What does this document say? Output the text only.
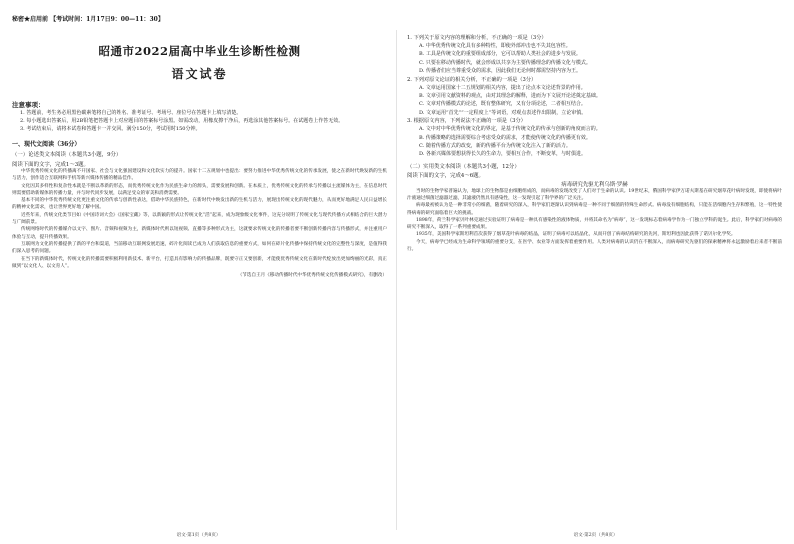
秘密★启用前 【考试时间：1月17日9：00—11：30】
昭通市2022届高中毕业生诊断性检测
语文试卷
注意事项：

1. 答题前，考生务必用黑色碳素笔将自己的姓名、准考证号、考场号、座位号在答题卡上填写清楚。

2. 每小题选出答案后，用2B铅笔把答题卡上对应题目的答案标号涂黑。如需改动，用橡皮擦干净后，再选涂其他答案标号。在试题卷上作答无效。

3. 考试结束后，请将本试卷和答题卡一并交回。满分150分，考试用时150分钟。

一、现代文阅读（36分）
（一）论述类文本阅读（本题共3小题，9分）
阅读下面的文字，完成1～3题。

中华优秀传统文化的传播离不开国家、社会与文化强国建设和文化软实力的提升。国家十二五规划中也提出：要努力推进中华优秀传统文化的传承发展，使之在新时代焕发新的生机与活力，创作适合互联网和手机等新兴媒体传播的精品佳作。

文化因其多样性和复杂性本就是不断以革新的形态，而优秀传统文化作为民族生命力的源头，需要发展和创新。在本质上，优秀传统文化的传承与传播以主流媒体为主，在信息时代则需要借助新媒体的传播力量，并与时代同步发展，以满足受众的审美和消费需要。

基本不同的中华优秀传统文化更注重文化的传承与创新性表达，借助中华民族特色，在新时代中焕发出新的生机与活力，展现出传统文化的现代魅力，从而更好地满足人民日益增长的精神文化需求，也让世界更好地了解中国。

近些年来，传统文化类节目如《中国诗词大会》《国家宝藏》等，以新颖的形式让传统文化“活”起来，成为现象级文化事件，这充分说明了传统文化与现代传播方式相结合的巨大潜力与广阔前景。

传统网络时代的传播媒介以文字、图片、音频和视频为主，新媒体时代则以短视频、直播等多种形式为主，这就要求传统文化的传播者要不断创新传播内容与传播形式，并注重用户体验与互动，提升传播效果。

互联网为文化的传播提供了新的平台和渠道，当前移动互联网发展迅速，碎片化阅读已成为人们获取信息的重要方式，如何在碎片化传播中保持传统文化的完整性与深度，是值得我们深入思考的问题。

在当下的新媒体时代，传统文化的传播需要积极利用新技术、新平台，打造具有影响力的传播品牌，既要守正又要创新，才能使优秀传统文化在新时代绽放出更加绚丽的光彩，真正做到“以文化人、以文育人”。

（节选自王月《移动传播时代中华优秀传统文化传播模式研究》，有删改）
语文·第1页（共8页）

1. 下列关于原文内容的理解和分析，不正确的一项是（3分）

A. 中华优秀传统文化具有多种特性，即使外部冲击也不失其包容性。

B. 工具是传统文化的重要组成部分，它可以帮助人类社会的进步与发展。

C. 只要在移动传播时代，就会形成以共享为主要传播理念的传播文化与模式。

D. 传播者们应当尊重受众的需求，因此我们无论何时都需坚持内容为王。

2. 下列对原文论证的相关分析，不正确的一项是（3分）

A. 文章运用国家十二五规划的相关内容，提出了论点本文论述背景的作用。

B. 文章引用文献资料的观点，由对其理念的解释，进而为下文展开论述奠定基础。

C. 文章对传播模式的论述，既有整体研究，又有分项论述，二者相互结合。

D. 文章运用“首先”“一定程度上”等词语，对观点表述作出限制，立论审慎。

3. 根据原文内容，下列说法不正确的一项是（3分）

A. 文中对中华优秀传统文化的界定，是基于传统文化的传承与创新的角度而言的。

B. 传播策略的选择需要综合考虑受众的需求，才能使传统文化的传播更有效。

C. 随着传播方式的改变，新的传播平台为传统文化注入了新的活力。

D. 各新兴媒体要想获得长久的生命力，要相互合作，不断变革，与时俱进。

（二）实用类文本阅读（本题共3小题，12分）
阅读下面的文字，完成4～6题。
病毒研究先驱尤利乌斯·罗赫

当时的生物学家普遍认为，地球上的生物都是由细胞组成的，而病毒的发现改变了人们对于生命的认识。19世纪末，俄国科学家伊万诺夫斯基在研究烟草花叶病时发现，即使将病叶汁液通过细菌过滤器过滤，其滤液仍然具有感染性，这一发现引起了科学界的广泛关注。

病毒最初被认为是一种非常小的细菌，随着研究的深入，科学家们逐渐认识到病毒是一种不同于细菌的特殊生命形式。病毒没有细胞结构，只能在活细胞内生存和繁殖，这一特性使得病毒的研究面临着巨大的挑战。

1898年，荷兰科学家贝叶林克通过实验证明了病毒是一种具有感染性的液体物质，并将其命名为“病毒”，这一发现标志着病毒学作为一门独立学科的诞生。此后，科学家们对病毒的研究不断深入，取得了一系列重要成果。

1935年，美国科学家斯坦利首次获得了烟草花叶病毒的结晶，证明了病毒可以结晶化，从而开创了病毒结构研究的先河，斯坦利也因此获得了诺贝尔化学奖。

今天，病毒学已经成为生命科学领域的重要分支，在医学、农业等方面发挥着重要作用。人类对病毒的认识仍在不断深入，而病毒研究先驱们的探索精神将永远激励着后来者不断前行。

语文·第2页（共8页）
